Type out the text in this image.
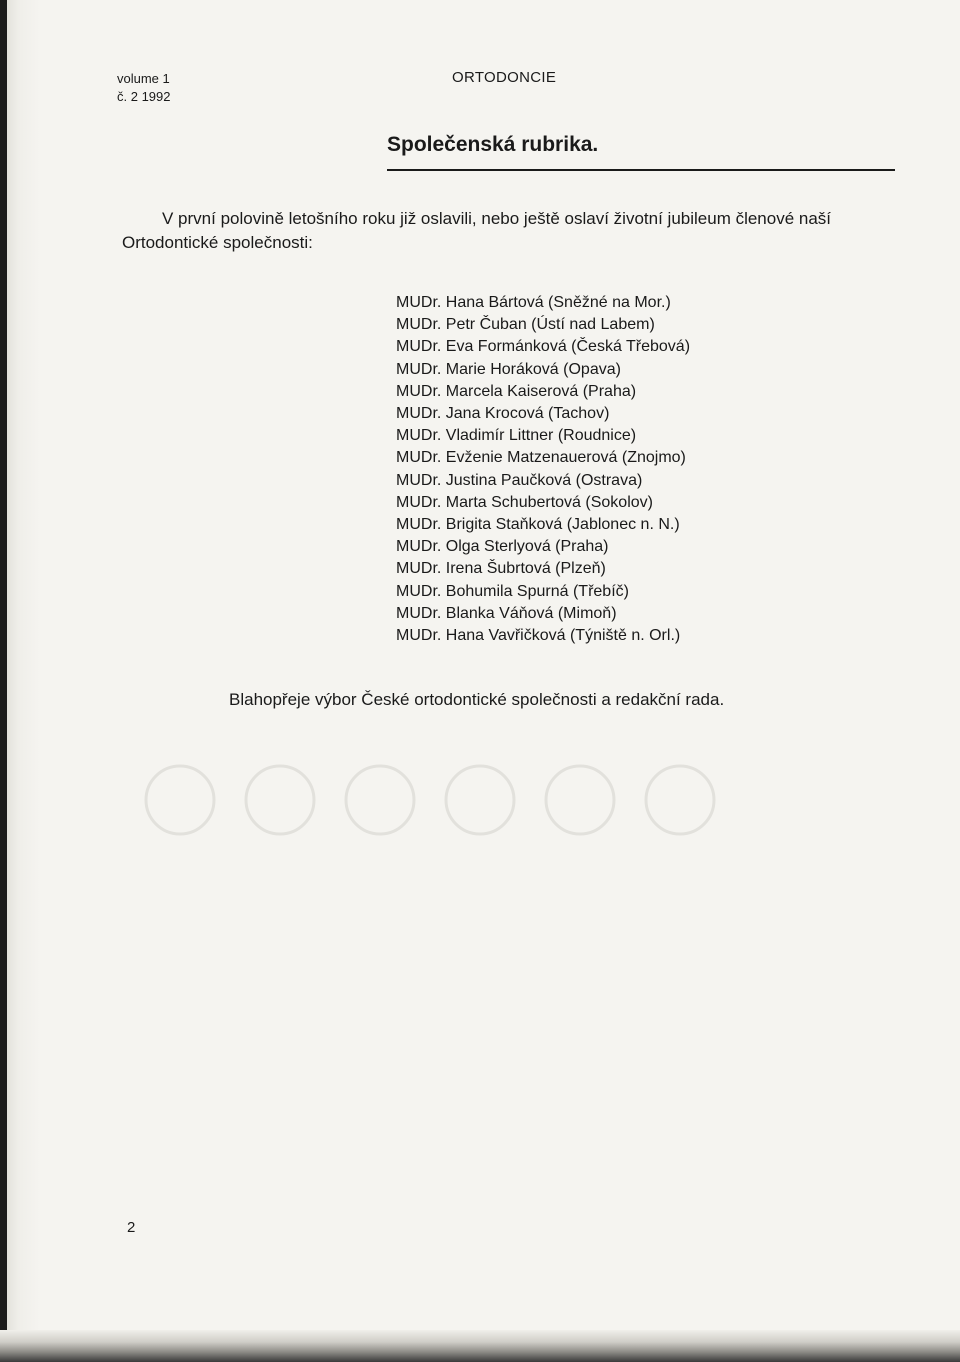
volume 1
č. 2 1992
ORTODONCIE
Společenská rubrika.

V první polovině letošního roku již oslavili, nebo ještě oslaví životní jubileum členové naší Ortodontické společnosti:

MUDr. Hana Bártová (Sněžné na Mor.)
MUDr. Petr Čuban (Ústí nad Labem)
MUDr. Eva Formánková (Česká Třebová)
MUDr. Marie Horáková (Opava)
MUDr. Marcela Kaiserová (Praha)
MUDr. Jana Krocová (Tachov)
MUDr. Vladimír Littner (Roudnice)
MUDr. Evženie Matzenauerová (Znojmo)
MUDr. Justina Paučková (Ostrava)
MUDr. Marta Schubertová (Sokolov)
MUDr. Brigita Staňková (Jablonec n. N.)
MUDr. Olga Sterlyová (Praha)
MUDr. Irena Šubrtová (Plzeň)
MUDr. Bohumila Spurná (Třebíč)
MUDr. Blanka Váňová (Mimoň)
MUDr. Hana Vavřičková (Týniště n. Orl.)
Blahopřeje výbor České ortodontické společnosti a redakční rada.
2
